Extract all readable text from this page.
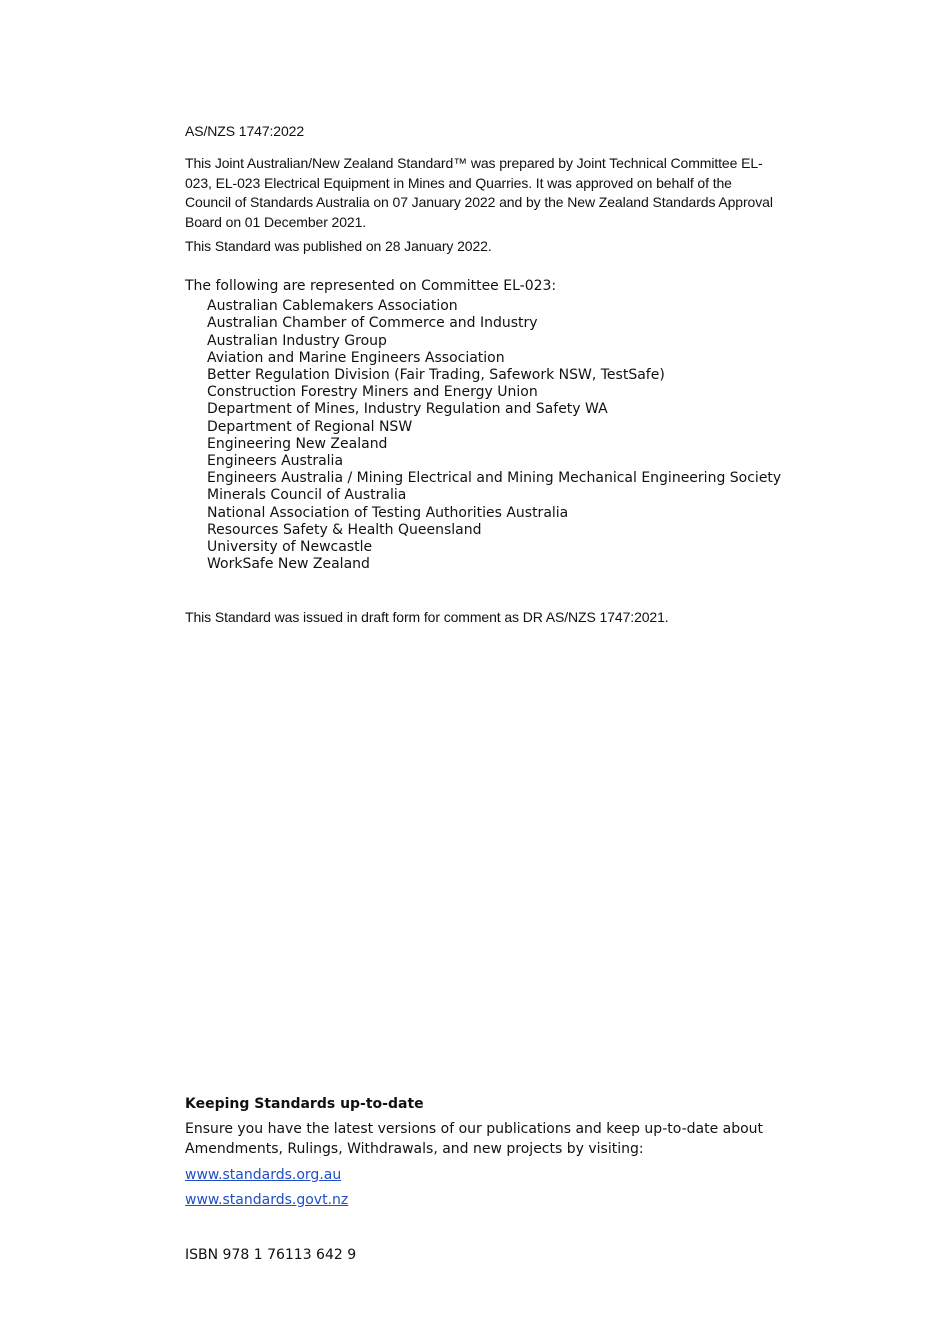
AS/NZS 1747:2022
This Joint Australian/New Zealand Standard™ was prepared by Joint Technical Committee EL-023, EL-023 Electrical Equipment in Mines and Quarries. It was approved on behalf of the Council of Standards Australia on 07 January 2022 and by the New Zealand Standards Approval Board on 01 December 2021.
This Standard was published on 28 January 2022.
The following are represented on Committee EL-023:
Australian Cablemakers Association
Australian Chamber of Commerce and Industry
Australian Industry Group
Aviation and Marine Engineers Association
Better Regulation Division (Fair Trading, Safework NSW, TestSafe)
Construction Forestry Miners and Energy Union
Department of Mines, Industry Regulation and Safety WA
Department of Regional NSW
Engineering New Zealand
Engineers Australia
Engineers Australia / Mining Electrical and Mining Mechanical Engineering Society
Minerals Council of Australia
National Association of Testing Authorities Australia
Resources Safety & Health Queensland
University of Newcastle
WorkSafe New Zealand
This Standard was issued in draft form for comment as DR AS/NZS 1747:2021.
Keeping Standards up-to-date
Ensure you have the latest versions of our publications and keep up-to-date about Amendments, Rulings, Withdrawals, and new projects by visiting:
www.standards.org.au
www.standards.govt.nz
ISBN 978 1 76113 642 9
